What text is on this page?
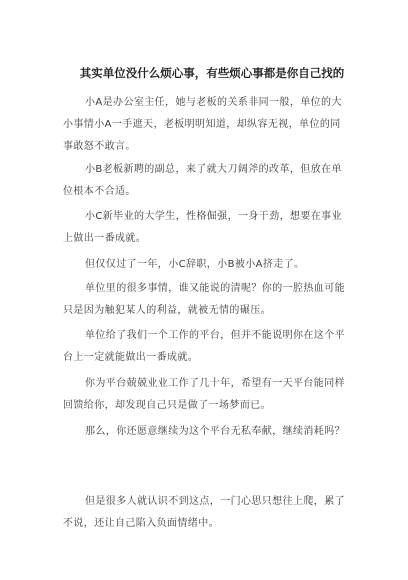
其实单位没什么烦心事，有些烦心事都是你自己找的
小A是办公室主任，她与老板的关系非同一般，单位的大小事情小A一手遮天，老板明明知道，却纵容无视，单位的同事敢怒不敢言。
小B老板新聘的副总，来了就大刀阔斧的改革，但放在单位根本不合适。
小C新毕业的大学生，性格倔强，一身干劲，想要在事业上做出一番成就。
但仅仅过了一年，小C辞职，小B被小A挤走了。
单位里的很多事情，谁又能说的清呢？你的一腔热血可能只是因为触犯某人的利益，就被无情的碾压。
单位给了我们一个工作的平台，但并不能说明你在这个平台上一定就能做出一番成就。
你为平台兢兢业业工作了几十年，希望有一天平台能同样回馈给你，却发现自己只是做了一场梦而已。
那么，你还愿意继续为这个平台无私奉献，继续消耗吗？
但是很多人就认识不到这点，一门心思只想往上爬，累了不说，还让自己陷入负面情绪中。
